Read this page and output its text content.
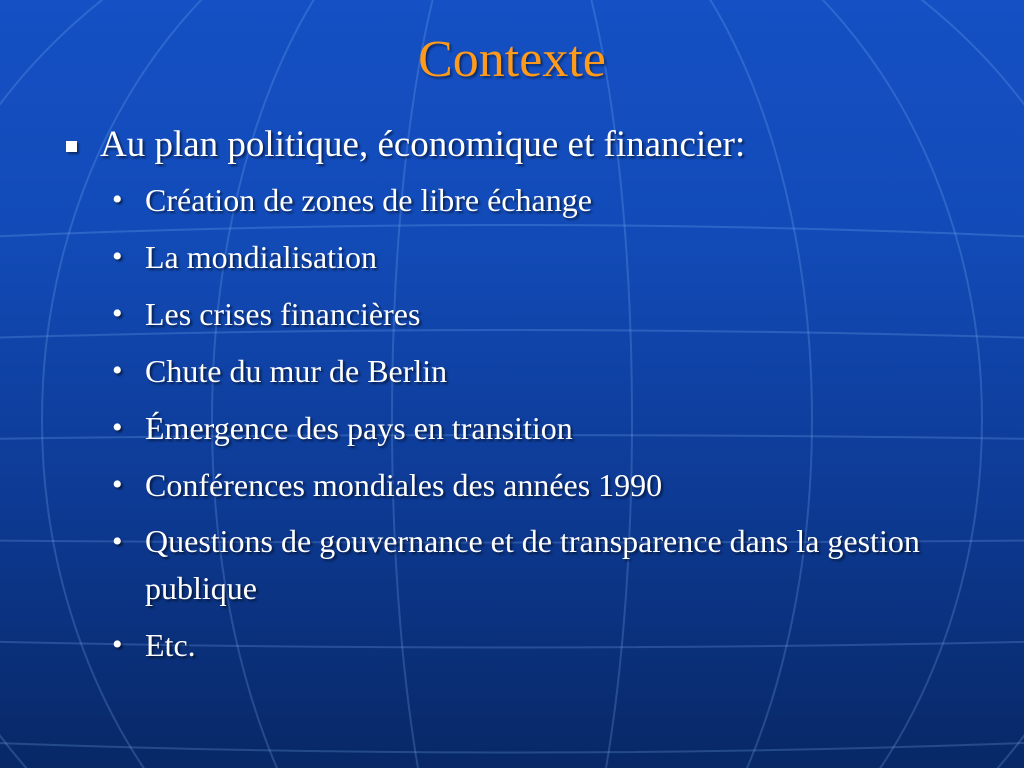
Contexte
Au plan politique, économique et financier:
• Création de zones de libre échange
• La mondialisation
• Les crises financières
• Chute du mur de Berlin
• Émergence des pays en transition
• Conférences mondiales des années 1990
• Questions de gouvernance et de transparence dans la gestion publique
• Etc.
